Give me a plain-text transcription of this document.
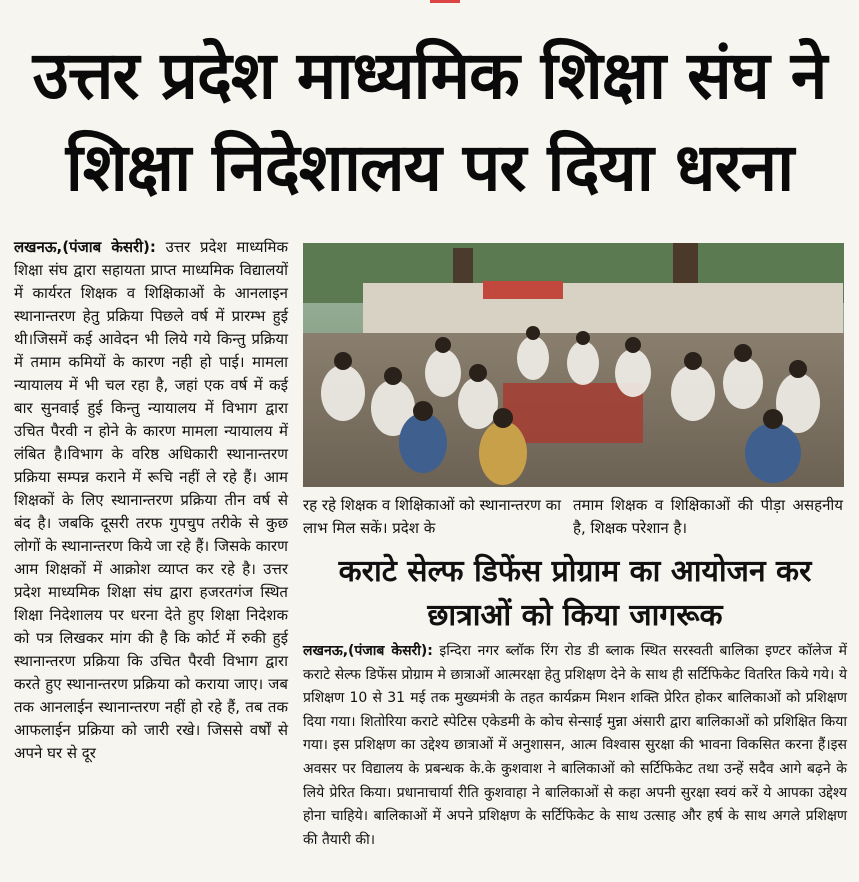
उत्तर प्रदेश माध्यमिक शिक्षा संघ ने
शिक्षा निदेशालय पर दिया धरना

लखनऊ,(पंजाब केसरी): उत्तर प्रदेश माध्यमिक शिक्षा संघ द्वारा सहायता प्राप्त माध्यमिक विद्यालयों में कार्यरत शिक्षक व शिक्षिकाओं के आनलाइन स्थानान्तरण हेतु प्रक्रिया पिछले वर्ष में प्रारम्भ हुई थी।जिसमें कई आवेदन भी लिये गये किन्तु प्रक्रिया में तमाम कमियों के कारण नही हो पाई। मामला न्यायालय में भी चल रहा है, जहां एक वर्ष में कई बार सुनवाई हुई किन्तु न्यायालय में विभाग द्वारा उचित पैरवी न होने के कारण मामला न्यायालय में लंबित है।विभाग के वरिष्ठ अधिकारी स्थानान्तरण प्रक्रिया सम्पन्न कराने में रूचि नहीं ले रहे हैं। आम शिक्षकों के लिए स्थानान्तरण प्रक्रिया तीन वर्ष से बंद है। जबकि दूसरी तरफ गुपचुप तरीके से कुछ लोगों के स्थानान्तरण किये जा रहे हैं। जिसके कारण आम शिक्षकों में आक्रोश व्याप्त कर रहे है। उत्तर प्रदेश माध्यमिक शिक्षा संघ द्वारा हजरतगंज स्थित शिक्षा निदेशालय पर धरना देते हुए शिक्षा निदेशक को पत्र लिखकर मांग की है कि कोर्ट में रुकी हुई स्थानान्तरण प्रक्रिया कि उचित पैरवी विभाग द्वारा करते हुए स्थानान्तरण प्रक्रिया को कराया जाए। जब तक आनलाईन स्थानान्तरण नहीं हो रहे हैं, तब तक आफलाईन प्रक्रिया को जारी रखे। जिससे वर्षों से अपने घर से दूर

रह रहे शिक्षक व शिक्षिकाओं को स्थानान्तरण का लाभ मिल सकें। प्रदेश के
तमाम शिक्षक व शिक्षिकाओं की पीड़ा असहनीय है, शिक्षक परेशान है।
कराटे सेल्फ डिफेंस प्रोग्राम का आयोजन कर छात्राओं को किया जागरूक

लखनऊ,(पंजाब केसरी): इन्दिरा नगर ब्लॉक रिंग रोड डी ब्लाक स्थित सरस्वती बालिका इण्टर कॉलेज में कराटे सेल्फ डिफेंस प्रोग्राम मे छात्राओं आत्मरक्षा हेतु प्रशिक्षण देने के साथ ही सर्टिफिकेट वितरित किये गये। ये प्रशिक्षण 10 से 31 मई तक मुख्यमंत्री के तहत कार्यक्रम मिशन शक्ति प्रेरित होकर बालिकाओं को प्रशिक्षण दिया गया। शितोरिया कराटे स्पेटिस एकेडमी के कोच सेन्साई मुन्ना अंसारी द्वारा बालिकाओं को प्रशिक्षित किया गया। इस प्रशिक्षण का उद्देश्य छात्राओं में अनुशासन, आत्म विश्वास सुरक्षा की भावना विकसित करना हैं।इस अवसर पर विद्यालय के प्रबन्धक के.के कुशवाश ने बालिकाओं को सर्टिफिकेट तथा उन्हें सदैव आगे बढ़ने के लिये प्रेरित किया। प्रधानाचार्या रीति कुशवाहा ने बालिकाओं से कहा अपनी सुरक्षा स्वयं करें ये आपका उद्देश्य होना चाहिये। बालिकाओं में अपने प्रशिक्षण के सर्टिफिकेट के साथ उत्साह और हर्ष के साथ अगले प्रशिक्षण की तैयारी की।
